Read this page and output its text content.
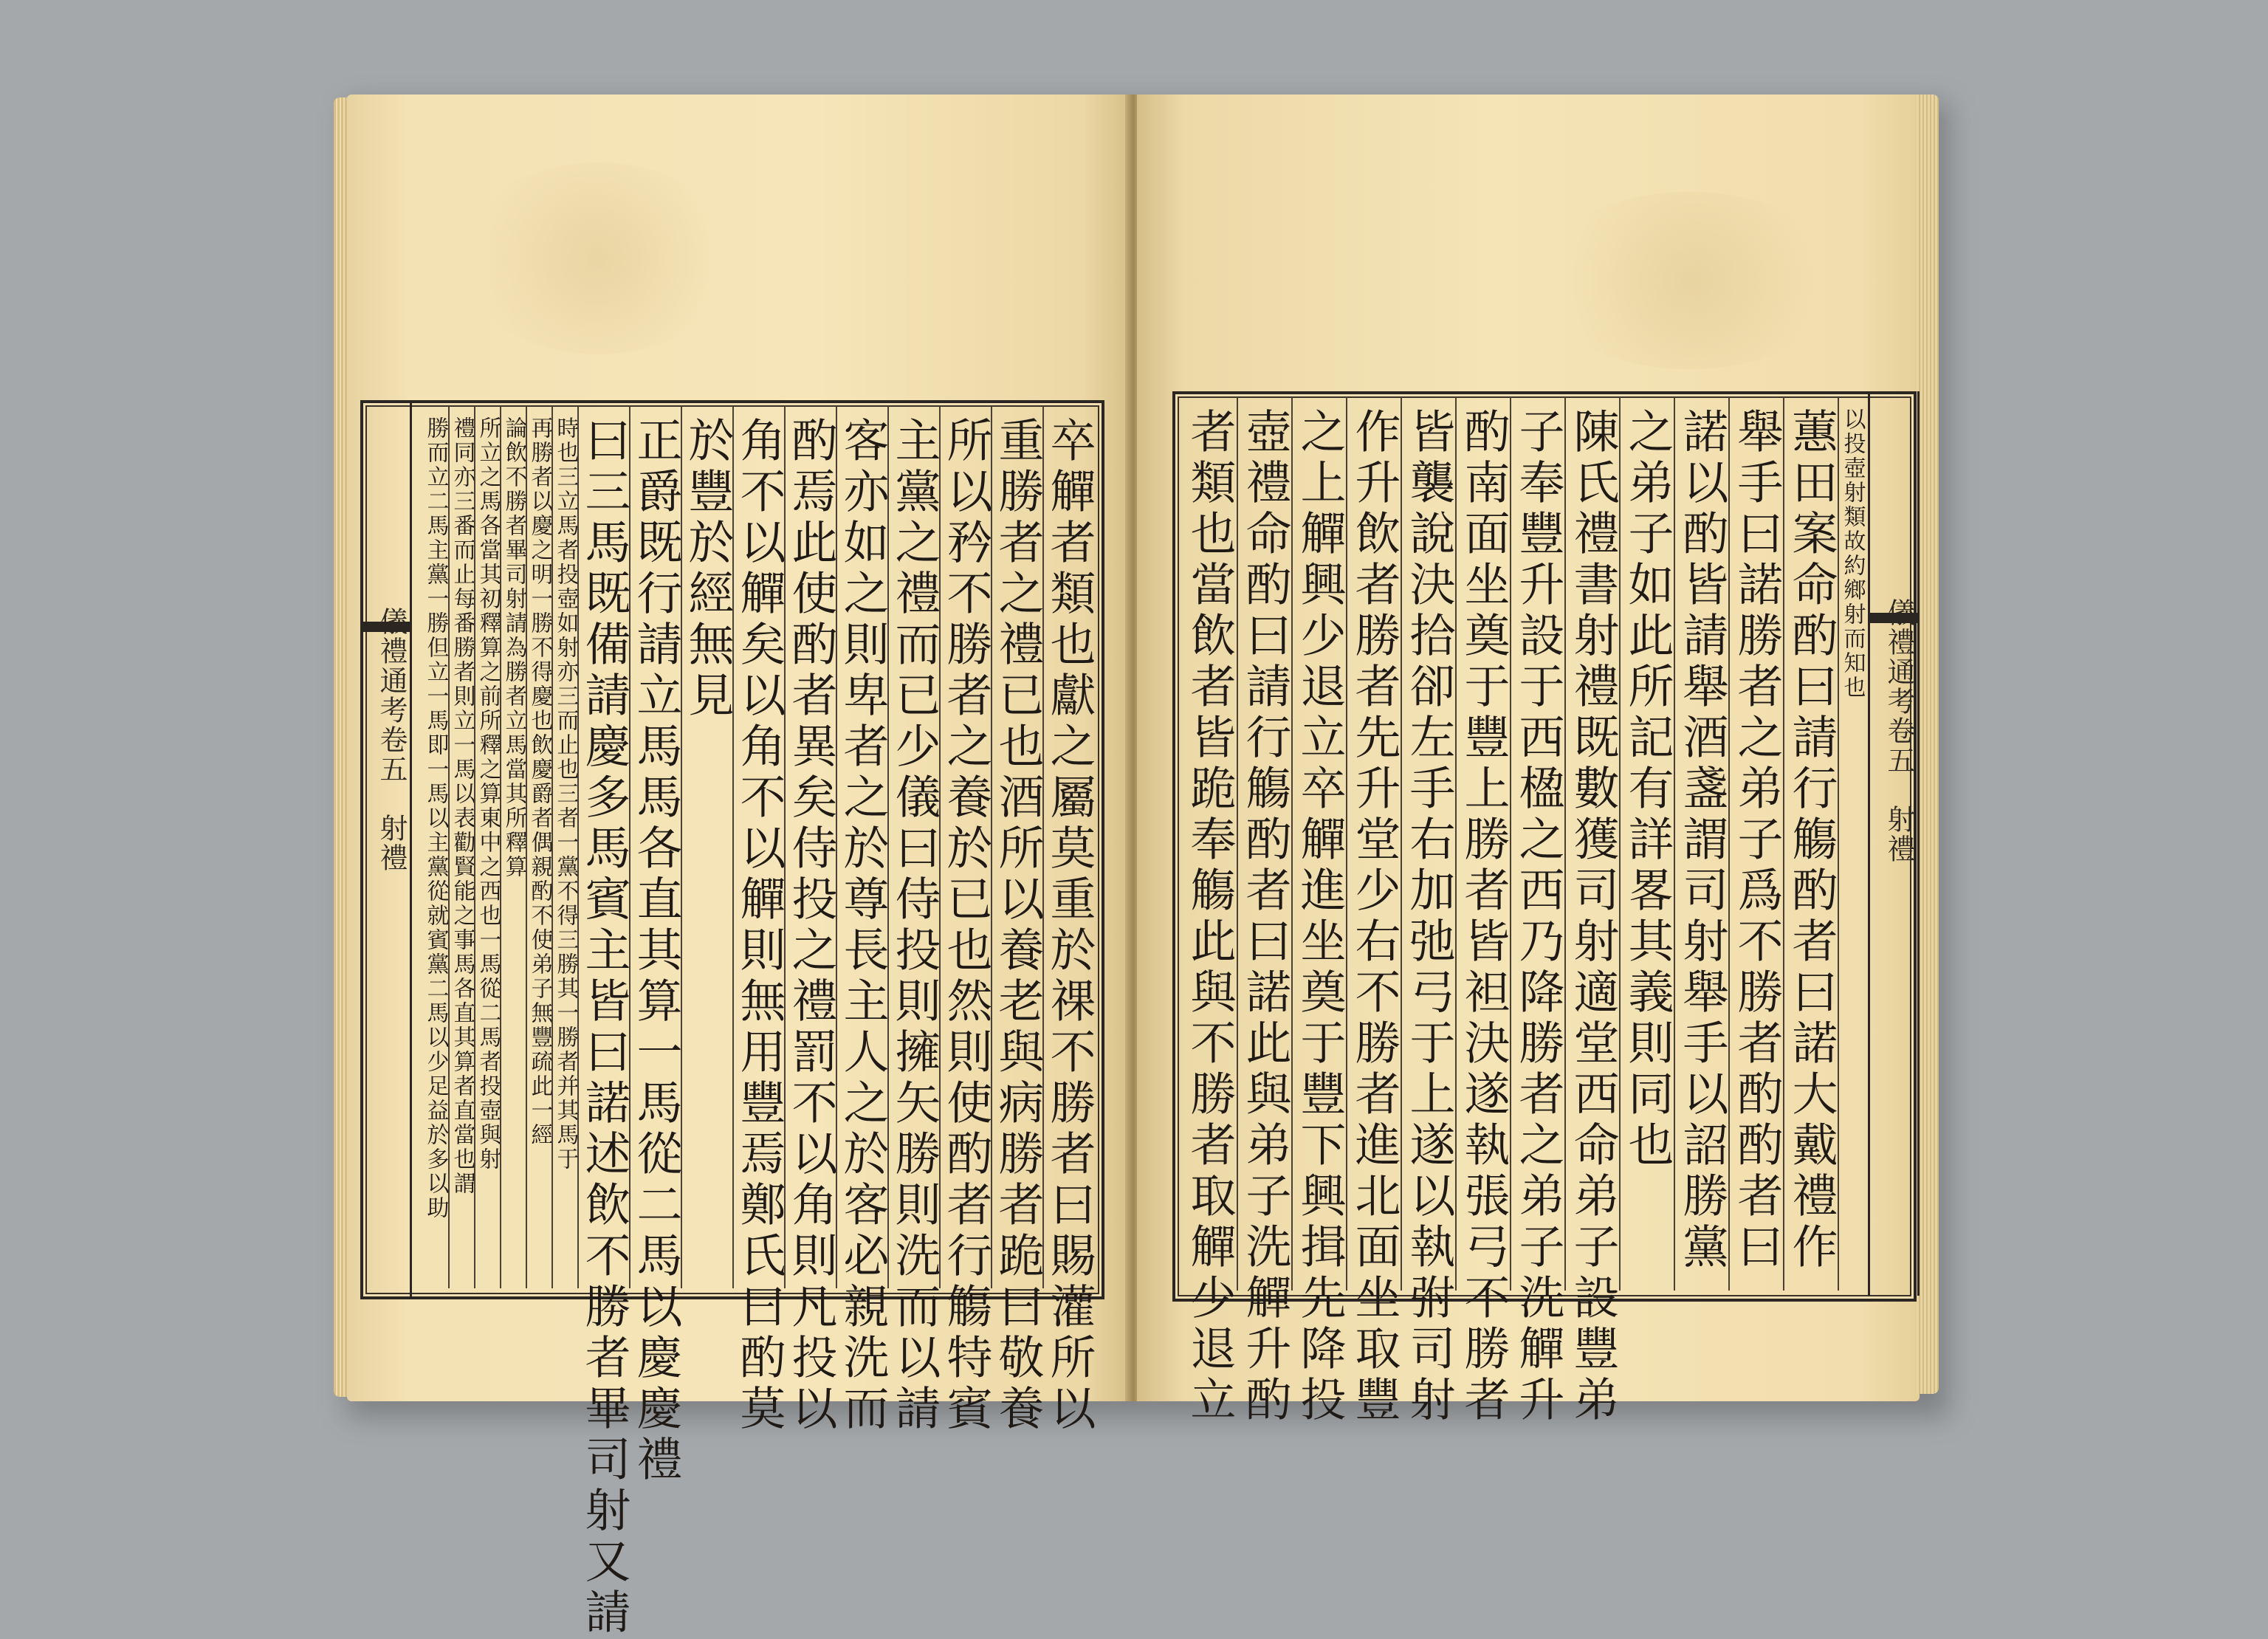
儀禮通考卷五　射禮	卒觶者類也獻之屬莫重於祼不勝者曰賜灌所以
重勝者之禮已也酒所以養老與病勝者跪曰敬養
所以矜不勝者之養於已也然則使酌者行觴特賓
主黨之禮而已少儀曰侍投則擁矢勝則洗而以請
客亦如之則卑者之於尊長主人之於客必親洗而
酌焉此使酌者異矣侍投之禮罰不以角則凡投以
角不以觶矣以角不以觶則無用豐焉鄭氏曰酌莫
於豐於經無見
正爵既行請立馬馬各直其算一馬從二馬以慶慶禮
曰三馬既備請慶多馬賓主皆曰諾述飲不勝者畢司射又請
時也三立馬者投壺如射亦三而止也三者一黨不得三勝其一勝者并其馬于
再勝者以慶之明一勝不得慶也飲慶爵者偶親酌不使弟子無豐疏此一經
論飲不勝者畢司射請為勝者立馬當其所釋算
所立之馬各當其初釋算之前所釋之算東中之西也一馬從二馬者投壺與射
禮同亦三番而止每番勝者則立一馬以表勸賢能之事馬各直其算者直當也謂
勝而立二馬主黨一勝但立一馬即一馬以主黨從就賓黨二馬以少足益於多以助	儀禮通考卷五　射禮
以投壺射類故約鄉射而知也
蕙田案命酌曰請行觴酌者曰諾大戴禮作
舉手曰諾勝者之弟子爲不勝者酌酌者曰
諾以酌皆請舉酒盞謂司射舉手以詔勝黨
之弟子如此所記有詳畧其義則同也
陳氏禮書射禮既數獲司射適堂西命弟子設豐弟
子奉豐升設于西楹之西乃降勝者之弟子洗觶升
酌南面坐奠于豐上勝者皆袒決遂執張弓不勝者
皆襲說決拾卻左手右加弛弓于上遂以執弣司射
作升飲者勝者先升堂少右不勝者進北面坐取豐
之上觶興少退立卒觶進坐奠于豐下興揖先降投
壺禮命酌曰請行觴酌者曰諾此與弟子洗觶升酌
者類也當飲者皆跪奉觴此與不勝者取觶少退立
